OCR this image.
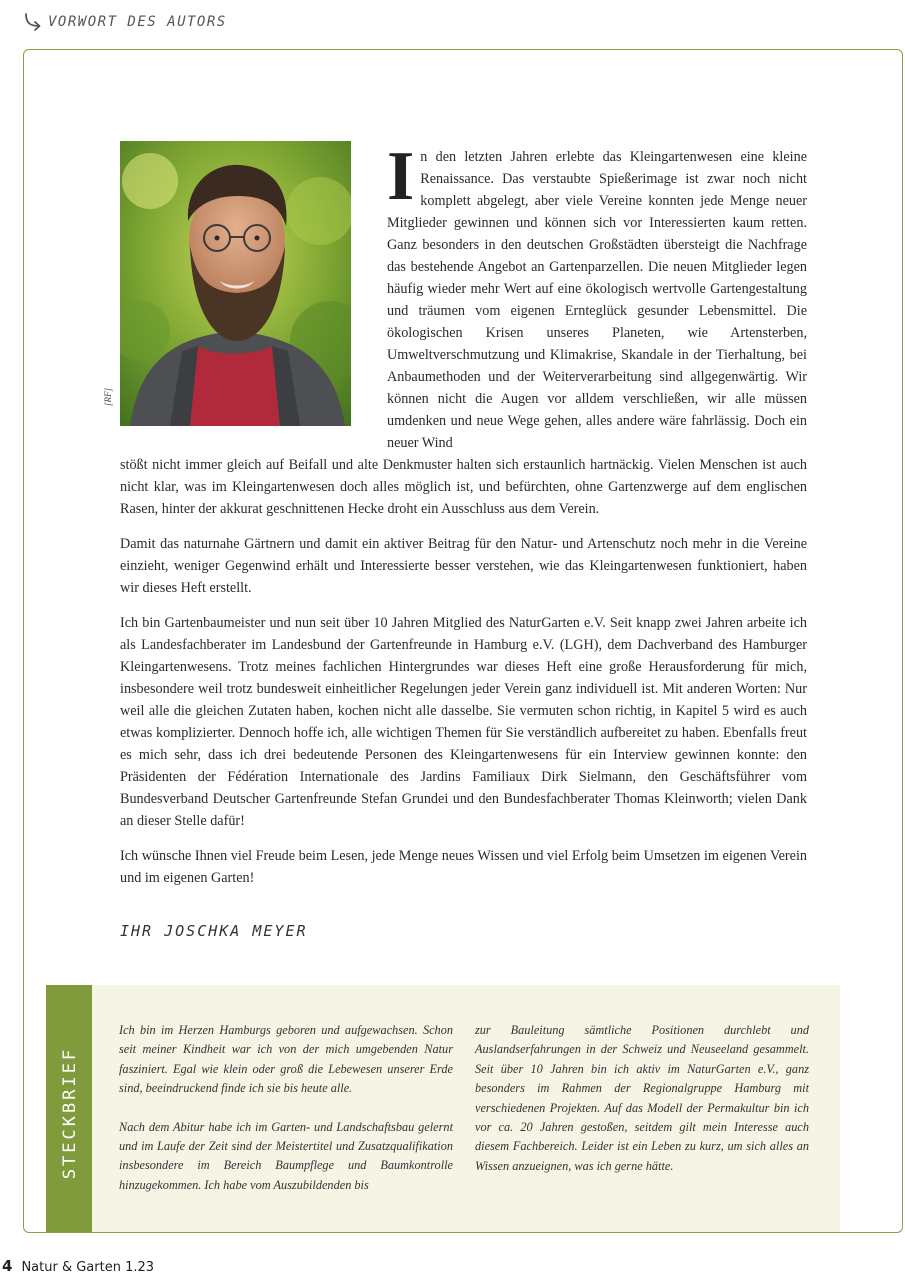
VORWORT DES AUTORS
[RF]
In den letzten Jahren erlebte das Kleingartenwesen eine kleine Renaissance. Das verstaubte Spießerimage ist zwar noch nicht komplett abgelegt, aber viele Vereine konnten jede Menge neuer Mitglieder gewinnen und können sich vor Interessierten kaum retten. Ganz besonders in den deutschen Großstädten übersteigt die Nachfrage das bestehende Angebot an Gartenparzellen. Die neuen Mitglieder legen häufig wieder mehr Wert auf eine ökologisch wertvolle Gartengestaltung und träumen vom eigenen Ernteglück gesunder Lebensmittel. Die ökologischen Krisen unseres Planeten, wie Artensterben, Umweltverschmutzung und Klimakrise, Skandale in der Tierhaltung, bei Anbaumethoden und der Weiterverarbeitung sind allgegenwärtig. Wir können nicht die Augen vor alldem verschließen, wir alle müssen umdenken und neue Wege gehen, alles andere wäre fahrlässig. Doch ein neuer Wind

stößt nicht immer gleich auf Beifall und alte Denkmuster halten sich erstaunlich hartnäckig. Vielen Menschen ist auch nicht klar, was im Kleingartenwesen doch alles möglich ist, und befürchten, ohne Gartenzwerge auf dem englischen Rasen, hinter der akkurat geschnittenen Hecke droht ein Ausschluss aus dem Verein.

Damit das naturnahe Gärtnern und damit ein aktiver Beitrag für den Natur- und Artenschutz noch mehr in die Vereine einzieht, weniger Gegenwind erhält und Interessierte besser verstehen, wie das Kleingartenwesen funktioniert, haben wir dieses Heft erstellt.

Ich bin Gartenbaumeister und nun seit über 10 Jahren Mitglied des NaturGarten e.V. Seit knapp zwei Jahren arbeite ich als Landesfachberater im Landesbund der Gartenfreunde in Hamburg e.V. (LGH), dem Dachverband des Hamburger Kleingartenwesens. Trotz meines fachlichen Hintergrundes war dieses Heft eine große Herausforderung für mich, insbesondere weil trotz bundesweit einheitlicher Regelungen jeder Verein ganz individuell ist. Mit anderen Worten: Nur weil alle die gleichen Zutaten haben, kochen nicht alle dasselbe. Sie vermuten schon richtig, in Kapitel 5 wird es auch etwas komplizierter. Dennoch hoffe ich, alle wichtigen Themen für Sie verständlich aufbereitet zu haben. Ebenfalls freut es mich sehr, dass ich drei bedeutende Personen des Kleingartenwesens für ein Interview gewinnen konnte: den Präsidenten der Fédération Internationale des Jardins Familiaux Dirk Sielmann, den Geschäftsführer vom Bundesverband Deutscher Gartenfreunde Stefan Grundei und den Bundesfachberater Thomas Kleinworth; vielen Dank an dieser Stelle dafür!

Ich wünsche Ihnen viel Freude beim Lesen, jede Menge neues Wissen und viel Erfolg beim Umsetzen im eigenen Verein und im eigenen Garten!

IHR JOSCHKA MEYER
STECKBRIEF

Ich bin im Herzen Hamburgs geboren und aufgewachsen. Schon seit meiner Kindheit war ich von der mich umgebenden Natur fasziniert. Egal wie klein oder groß die Lebewesen unserer Erde sind, beeindruckend finde ich sie bis heute alle.

Nach dem Abitur habe ich im Garten- und Landschaftsbau gelernt und im Laufe der Zeit sind der Meistertitel und Zusatzqualifikation insbesondere im Bereich Baumpflege und Baumkontrolle hinzugekommen. Ich habe vom Auszubildenden bis

zur Bauleitung sämtliche Positionen durchlebt und Auslandserfahrungen in der Schweiz und Neuseeland gesammelt. Seit über 10 Jahren bin ich aktiv im NaturGarten e.V., ganz besonders im Rahmen der Regionalgruppe Hamburg mit verschiedenen Projekten. Auf das Modell der Permakultur bin ich vor ca. 20 Jahren gestoßen, seitdem gilt mein Interesse auch diesem Fachbereich. Leider ist ein Leben zu kurz, um sich alles an Wissen anzueignen, was ich gerne hätte.

4 Natur & Garten 1.23
